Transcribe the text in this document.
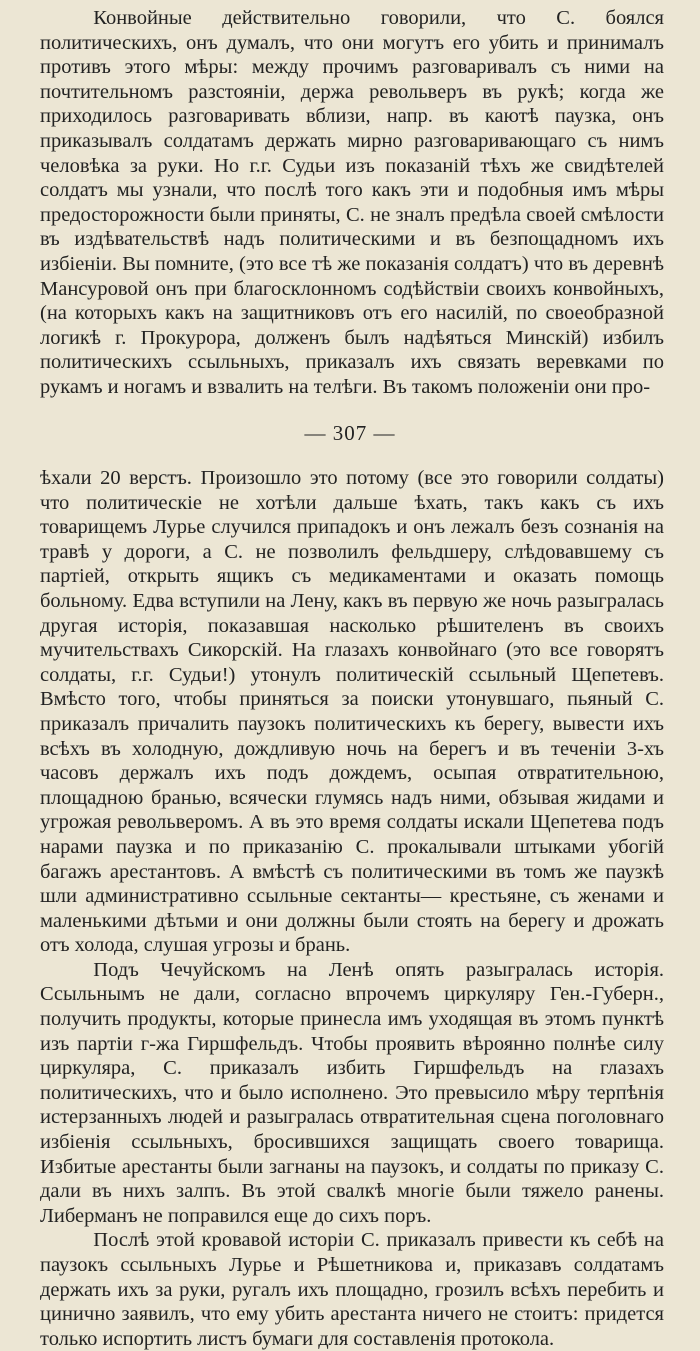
Конвойные действительно говорили, что С. боялся политическихъ, онъ думалъ, что они могутъ его убить и принималъ противъ этого мѣры: между прочимъ разговаривалъ съ ними на почтительномъ разстояніи, держа револьверъ въ рукѣ; когда же приходилось разговаривать вблизи, напр. въ каютѣ паузка, онъ приказывалъ солдатамъ держать мирно разговаривающаго съ нимъ человѣка за руки. Но г.г. Судьи изъ показаній тѣхъ же свидѣтелей солдатъ мы узнали, что послѣ того какъ эти и подобныя имъ мѣры предосторожности были приняты, С. не зналъ предѣла своей смѣлости въ издѣвательствѣ надъ политическими и въ безпощадномъ ихъ избіеніи. Вы помните, (это все тѣ же показанія солдатъ) что въ деревнѣ Мансуровой онъ при благосклонномъ содѣйствіи своихъ конвойныхъ, (на которыхъ какъ на защитниковъ отъ его насилій, по своеобразной логикѣ г. Прокурора, долженъ былъ надѣяться Минскій) избилъ политическихъ ссыльныхъ, приказалъ ихъ связать веревками по рукамъ и ногамъ и взвалить на телѣги. Въ такомъ положеніи они про-

— 307 —

ѣхали 20 верстъ. Произошло это потому (все это говорили солдаты) что политическіе не хотѣли дальше ѣхать, такъ какъ съ ихъ товарищемъ Лурье случился припадокъ и онъ лежалъ безъ сознанія на травѣ у дороги, а С. не позволилъ фельдшеру, слѣдовавшему съ партіей, открыть ящикъ съ медикаментами и оказать помощь больному. Едва вступили на Лену, какъ въ первую же ночь разыгралась другая исторія, показавшая насколько рѣшителенъ въ своихъ мучительствахъ Сикорскій. На глазахъ конвойнаго (это все говорятъ солдаты, г.г. Судьи!) утонулъ политическій ссыльный Щепетевъ. Вмѣсто того, чтобы приняться за поиски утонувшаго, пьяный С. приказалъ причалить паузокъ политическихъ къ берегу, вывести ихъ всѣхъ въ холодную, дождливую ночь на берегъ и въ теченіи 3-хъ часовъ держалъ ихъ подъ дождемъ, осыпая отвратительною, площадною бранью, всячески глумясь надъ ними, обзывая жидами и угрожая револьверомъ. А въ это время солдаты искали Щепетева подъ нарами паузка и по приказанію С. прокалывали штыками убогій багажъ арестантовъ. А вмѣстѣ съ политическими въ томъ же паузкѣ шли административно ссыльные сектанты— крестьяне, съ женами и маленькими дѣтьми и они должны были стоять на берегу и дрожать отъ холода, слушая угрозы и брань.

Подъ Чечуйскомъ на Ленѣ опять разыгралась исторія. Ссыльнымъ не дали, согласно впрочемъ циркуляру Ген.-Губерн., получить продукты, которые принесла имъ уходящая въ этомъ пунктѣ изъ партіи г-жа Гиршфельдъ. Чтобы проявить вѣроянно полнѣе силу циркуляра, С. приказалъ избить Гиршфельдъ на глазахъ политическихъ, что и было исполнено. Это превысило мѣру терпѣнія истерзанныхъ людей и разыгралась отвратительная сцена поголовнаго избіенія ссыльныхъ, бросившихся защищать своего товарища. Избитые арестанты были загнаны на паузокъ, и солдаты по приказу С. дали въ нихъ залпъ. Въ этой свалкѣ многіе были тяжело ранены. Либерманъ не поправился еще до сихъ поръ.

Послѣ этой кровавой исторіи С. приказалъ привести къ себѣ на паузокъ ссыльныхъ Лурье и Рѣшетникова и, приказавъ солдатамъ держать ихъ за руки, ругалъ ихъ площадно, грозилъ всѣхъ перебить и цинично заявилъ, что ему убить арестанта ничего не стоитъ: придется только испортить листъ бумаги для составленія протокола.
